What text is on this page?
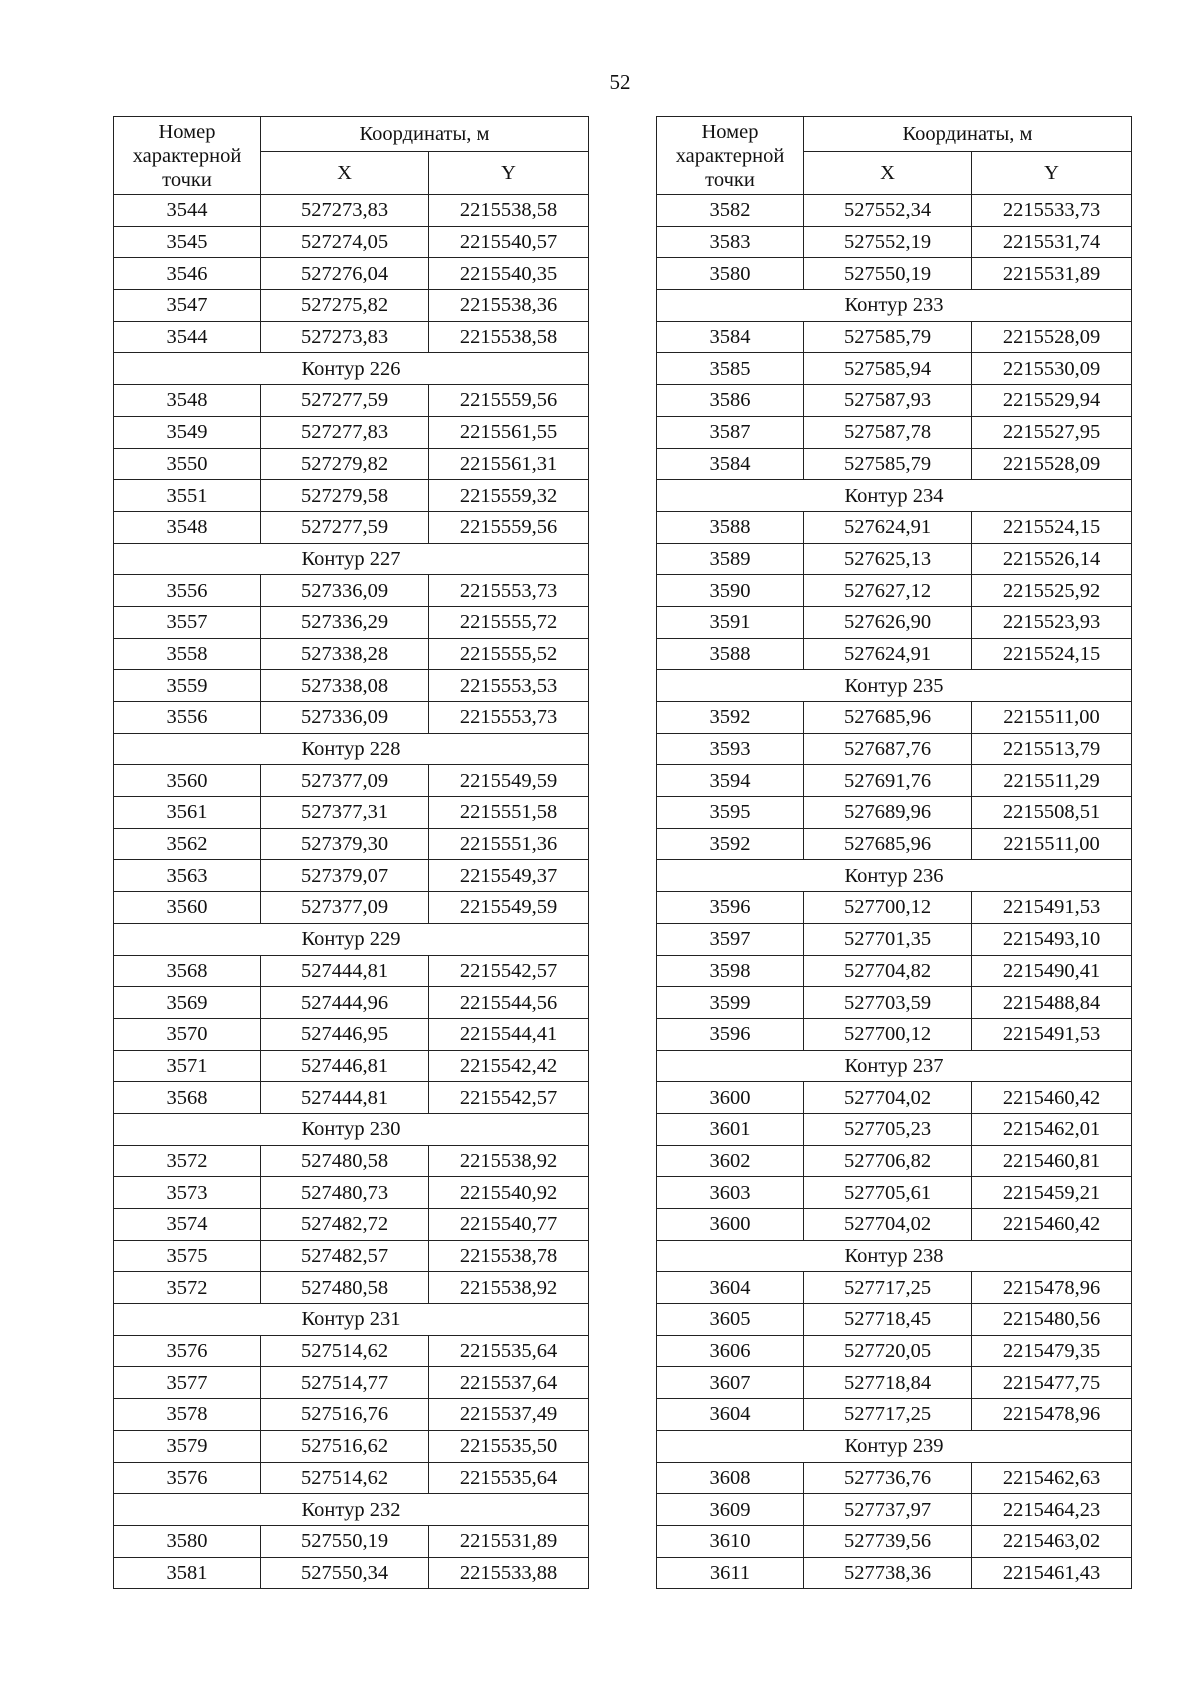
52
Номер характерной точки	Координаты, м	
	X	Y
3544	527273,83	2215538,58
3545	527274,05	2215540,57
3546	527276,04	2215540,35
3547	527275,82	2215538,36
3544	527273,83	2215538,58
Контур 226		
3548	527277,59	2215559,56
3549	527277,83	2215561,55
3550	527279,82	2215561,31
3551	527279,58	2215559,32
3548	527277,59	2215559,56
Контур 227		
3556	527336,09	2215553,73
3557	527336,29	2215555,72
3558	527338,28	2215555,52
3559	527338,08	2215553,53
3556	527336,09	2215553,73
Контур 228		
3560	527377,09	2215549,59
3561	527377,31	2215551,58
3562	527379,30	2215551,36
3563	527379,07	2215549,37
3560	527377,09	2215549,59
Контур 229		
3568	527444,81	2215542,57
3569	527444,96	2215544,56
3570	527446,95	2215544,41
3571	527446,81	2215542,42
3568	527444,81	2215542,57
Контур 230		
3572	527480,58	2215538,92
3573	527480,73	2215540,92
3574	527482,72	2215540,77
3575	527482,57	2215538,78
3572	527480,58	2215538,92
Контур 231		
3576	527514,62	2215535,64
3577	527514,77	2215537,64
3578	527516,76	2215537,49
3579	527516,62	2215535,50
3576	527514,62	2215535,64
Контур 232		
3580	527550,19	2215531,89
3581	527550,34	2215533,88
Номер характерной точки	Координаты, м	
	X	Y
3582	527552,34	2215533,73
3583	527552,19	2215531,74
3580	527550,19	2215531,89
Контур 233		
3584	527585,79	2215528,09
3585	527585,94	2215530,09
3586	527587,93	2215529,94
3587	527587,78	2215527,95
3584	527585,79	2215528,09
Контур 234		
3588	527624,91	2215524,15
3589	527625,13	2215526,14
3590	527627,12	2215525,92
3591	527626,90	2215523,93
3588	527624,91	2215524,15
Контур 235		
3592	527685,96	2215511,00
3593	527687,76	2215513,79
3594	527691,76	2215511,29
3595	527689,96	2215508,51
3592	527685,96	2215511,00
Контур 236		
3596	527700,12	2215491,53
3597	527701,35	2215493,10
3598	527704,82	2215490,41
3599	527703,59	2215488,84
3596	527700,12	2215491,53
Контур 237		
3600	527704,02	2215460,42
3601	527705,23	2215462,01
3602	527706,82	2215460,81
3603	527705,61	2215459,21
3600	527704,02	2215460,42
Контур 238		
3604	527717,25	2215478,96
3605	527718,45	2215480,56
3606	527720,05	2215479,35
3607	527718,84	2215477,75
3604	527717,25	2215478,96
Контур 239		
3608	527736,76	2215462,63
3609	527737,97	2215464,23
3610	527739,56	2215463,02
3611	527738,36	2215461,43
